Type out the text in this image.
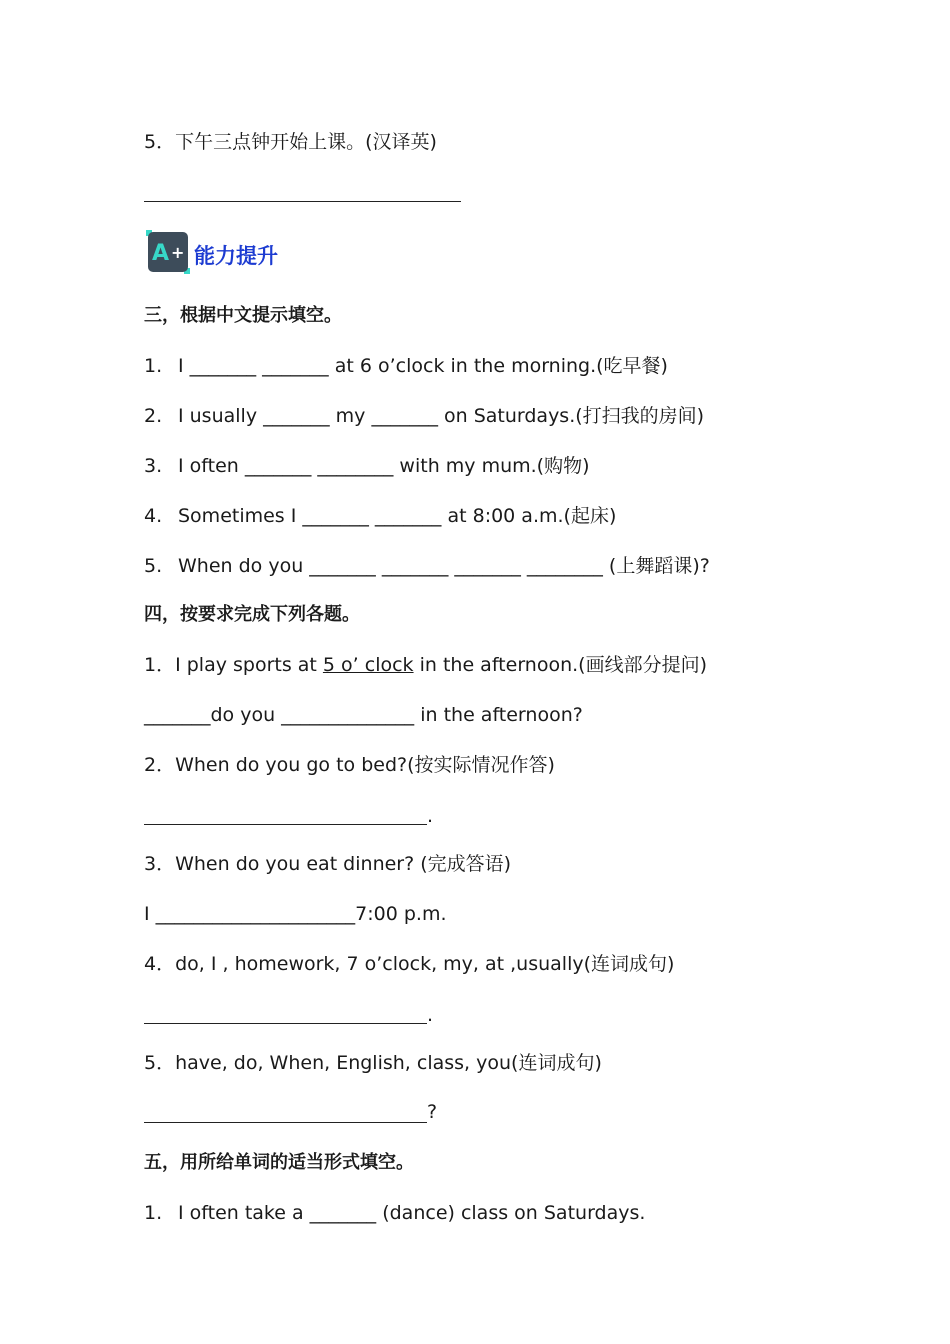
5．下午三点钟开始上课。(汉译英)
A + 能力提升
三，根据中文提示填空。
1. I _______ _______ at 6 o’clock in the morning.(吃早餐)
2. I usually _______ my _______ on Saturdays.(打扫我的房间)
3. I often _______ ________ with my mum.(购物)
4. Sometimes I _______ _______ at 8:00 a.m.(起床)
5. When do you _______ _______ _______ ________ (上舞蹈课)?
四，按要求完成下列各题。
1．I play sports at 5 o’ clock in the afternoon.(画线部分提问)
_______do you ______________ in the afternoon?
2．When do you go to bed?(按实际情况作答)
.
3．When do you eat dinner? (完成答语)
I _____________________7:00 p.m.
4．do, I , homework, 7 o’clock, my, at ,usually(连词成句)
.
5．have, do, When, English, class, you(连词成句)
?
五，用所给单词的适当形式填空。
1. I often take a _______ (dance) class on Saturdays.
